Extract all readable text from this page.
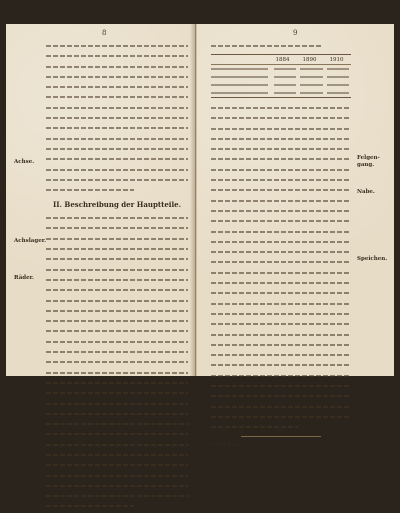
8
Achse.
Achslager.
Räder.
II. Beschreibung der Hauptteile.
9
Felgen- gang.
Nabe.
Speichen.
1884	1890	1910
*) Die Räder
